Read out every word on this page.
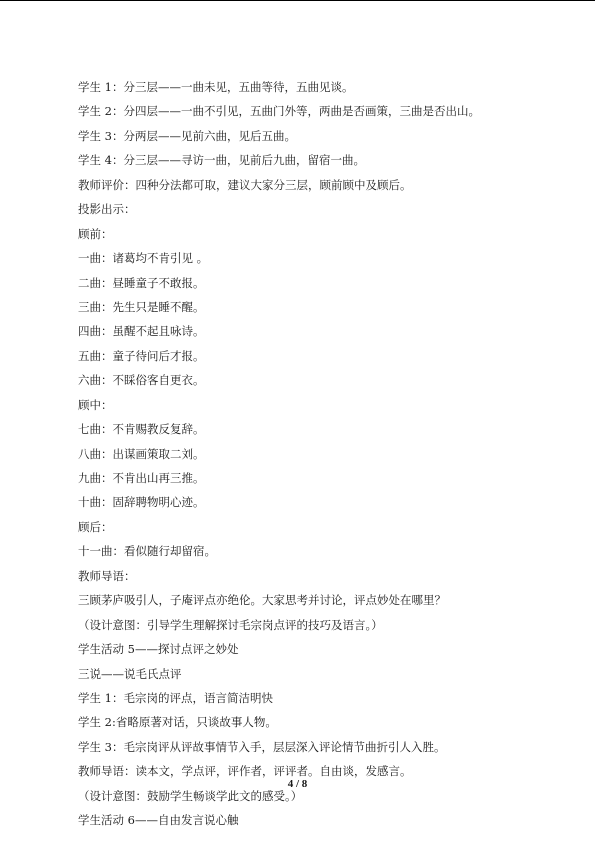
学生 1：分三层——一曲未见，五曲等待，五曲见谈。
学生 2：分四层——一曲不引见，五曲门外等，两曲是否画策，三曲是否出山。
学生 3：分两层——见前六曲，见后五曲。
学生 4：分三层——寻访一曲，见前后九曲，留宿一曲。
教师评价：四种分法都可取，建议大家分三层，顾前顾中及顾后。
投影出示：
顾前：
一曲：诸葛均不肯引见 。
二曲：昼睡童子不敢报。
三曲：先生只是睡不醒。
四曲：虽醒不起且咏诗。
五曲：童子待问后才报。
六曲：不睬俗客自更衣。
顾中：
七曲：不肯赐教反复辞。
八曲：出谋画策取二刘。
九曲：不肯出山再三推。
十曲：固辞聘物明心迹。
顾后：
十一曲：看似随行却留宿。
教师导语：
三顾茅庐吸引人，子庵评点亦绝伦。大家思考并讨论，评点妙处在哪里？
（设计意图：引导学生理解探讨毛宗岗点评的技巧及语言。）
学生活动 5——探讨点评之妙处
三说——说毛氏点评
学生 1：毛宗岗的评点，语言简洁明快
学生 2:省略原著对话，只谈故事人物。
学生 3：毛宗岗评从评故事情节入手，层层深入评论情节曲折引人入胜。
教师导语：读本文，学点评，评作者，评评者。自由谈，发感言。
（设计意图：鼓励学生畅谈学此文的感受。）
学生活动 6——自由发言说心触
4 / 8
